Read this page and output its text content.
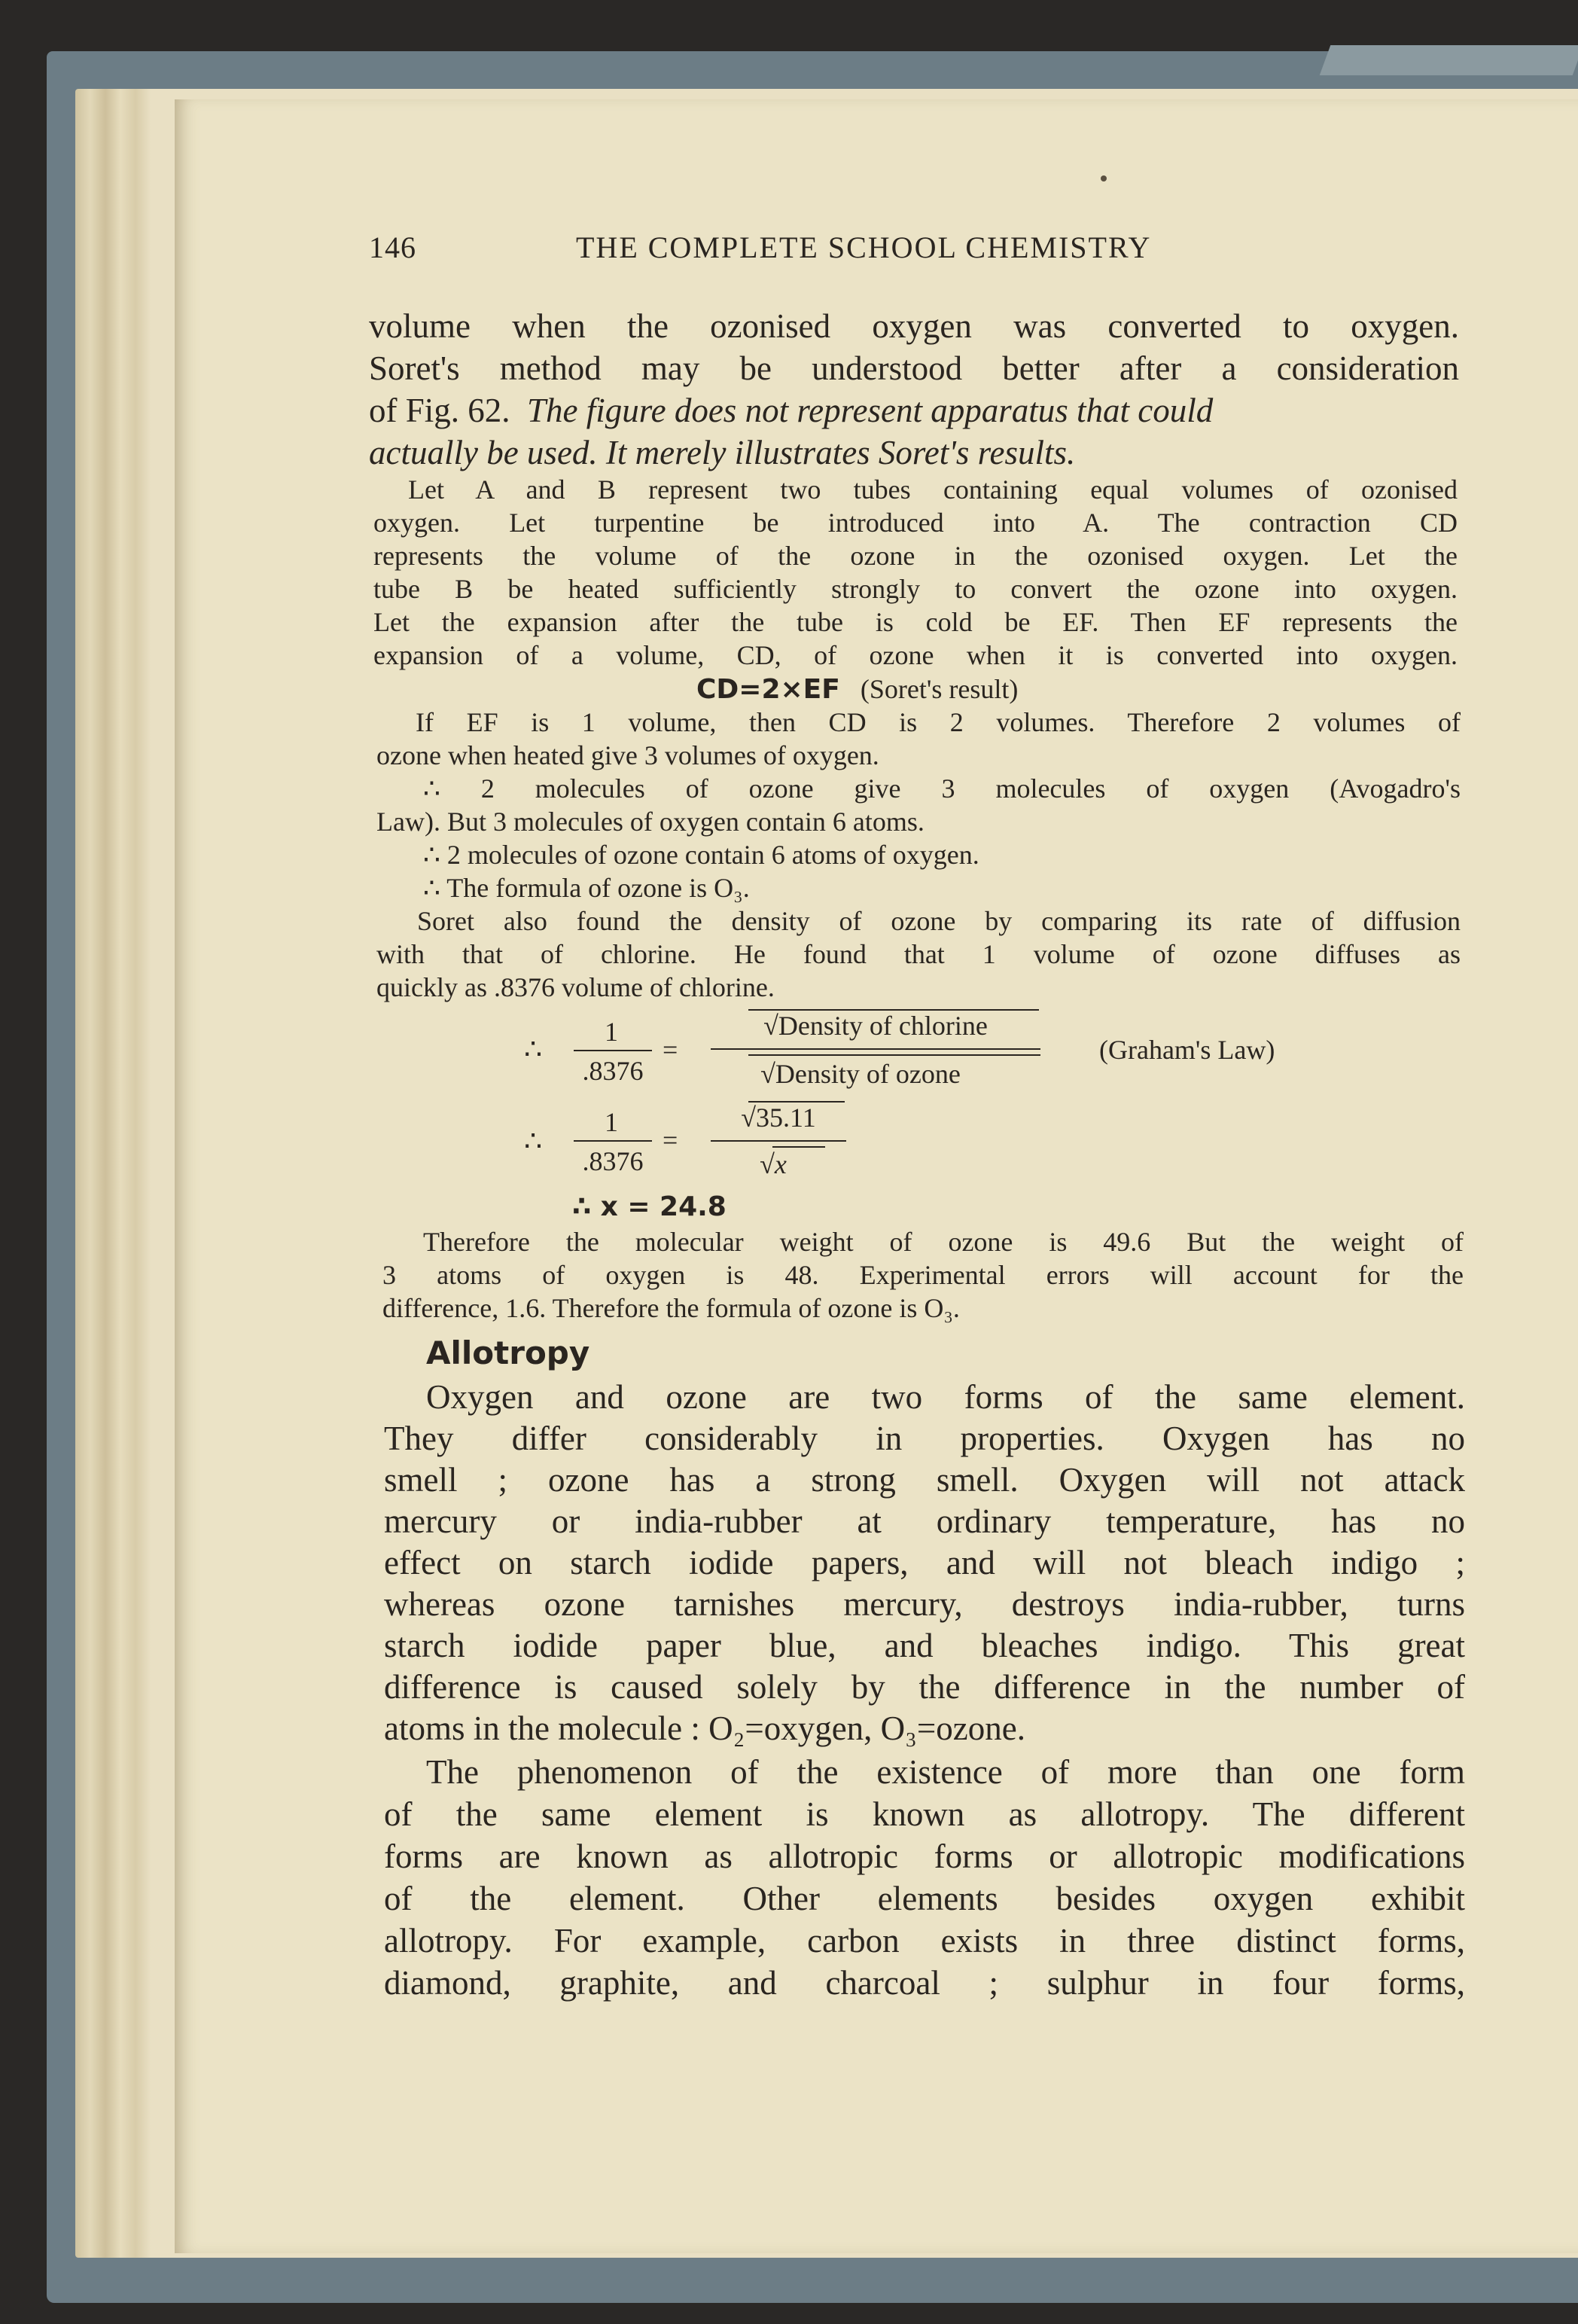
146	THE COMPLETE SCHOOL CHEMISTRY
volume when the ozonised oxygen was converted to oxygen.
Soret's method may be understood better after a consideration
of Fig. 62. The figure does not represent apparatus that could
actually be used. It merely illustrates Soret's results.
Let A and B represent two tubes containing equal volumes of ozonised
oxygen. Let turpentine be introduced into A. The contraction CD
represents the volume of the ozone in the ozonised oxygen. Let the
tube B be heated sufficiently strongly to convert the ozone into oxygen.
Let the expansion after the tube is cold be EF. Then EF represents the
expansion of a volume, CD, of ozone when it is converted into oxygen.
CD=2×EF (Soret's result)
If EF is 1 volume, then CD is 2 volumes. Therefore 2 volumes of
ozone when heated give 3 volumes of oxygen.
∴ 2 molecules of ozone give 3 molecules of oxygen (Avogadro's
Law). But 3 molecules of oxygen contain 6 atoms.
∴ 2 molecules of ozone contain 6 atoms of oxygen.
∴ The formula of ozone is O₃.
Soret also found the density of ozone by comparing its rate of diffusion
with that of chlorine. He found that 1 volume of ozone diffuses as
quickly as .8376 volume of chlorine.
∴
1
.8376
=
√Density of chlorine
√Density of ozone
(Graham's Law)
∴
1
.8376
=
√35.11
√x
∴ x = 24.8
Therefore the molecular weight of ozone is 49.6 But the weight of
3 atoms of oxygen is 48. Experimental errors will account for the
difference, 1.6. Therefore the formula of ozone is O₃.
Allotropy
Oxygen and ozone are two forms of the same element.
They differ considerably in properties. Oxygen has no
smell ; ozone has a strong smell. Oxygen will not attack
mercury or india-rubber at ordinary temperature, has no
effect on starch iodide papers, and will not bleach indigo ;
whereas ozone tarnishes mercury, destroys india-rubber, turns
starch iodide paper blue, and bleaches indigo. This great
difference is caused solely by the difference in the number of
atoms in the molecule : O₂=oxygen, O₃=ozone.
The phenomenon of the existence of more than one form
of the same element is known as allotropy. The different
forms are known as allotropic forms or allotropic modifications
of the element. Other elements besides oxygen exhibit
allotropy. For example, carbon exists in three distinct forms,
diamond, graphite, and charcoal ; sulphur in four forms,
